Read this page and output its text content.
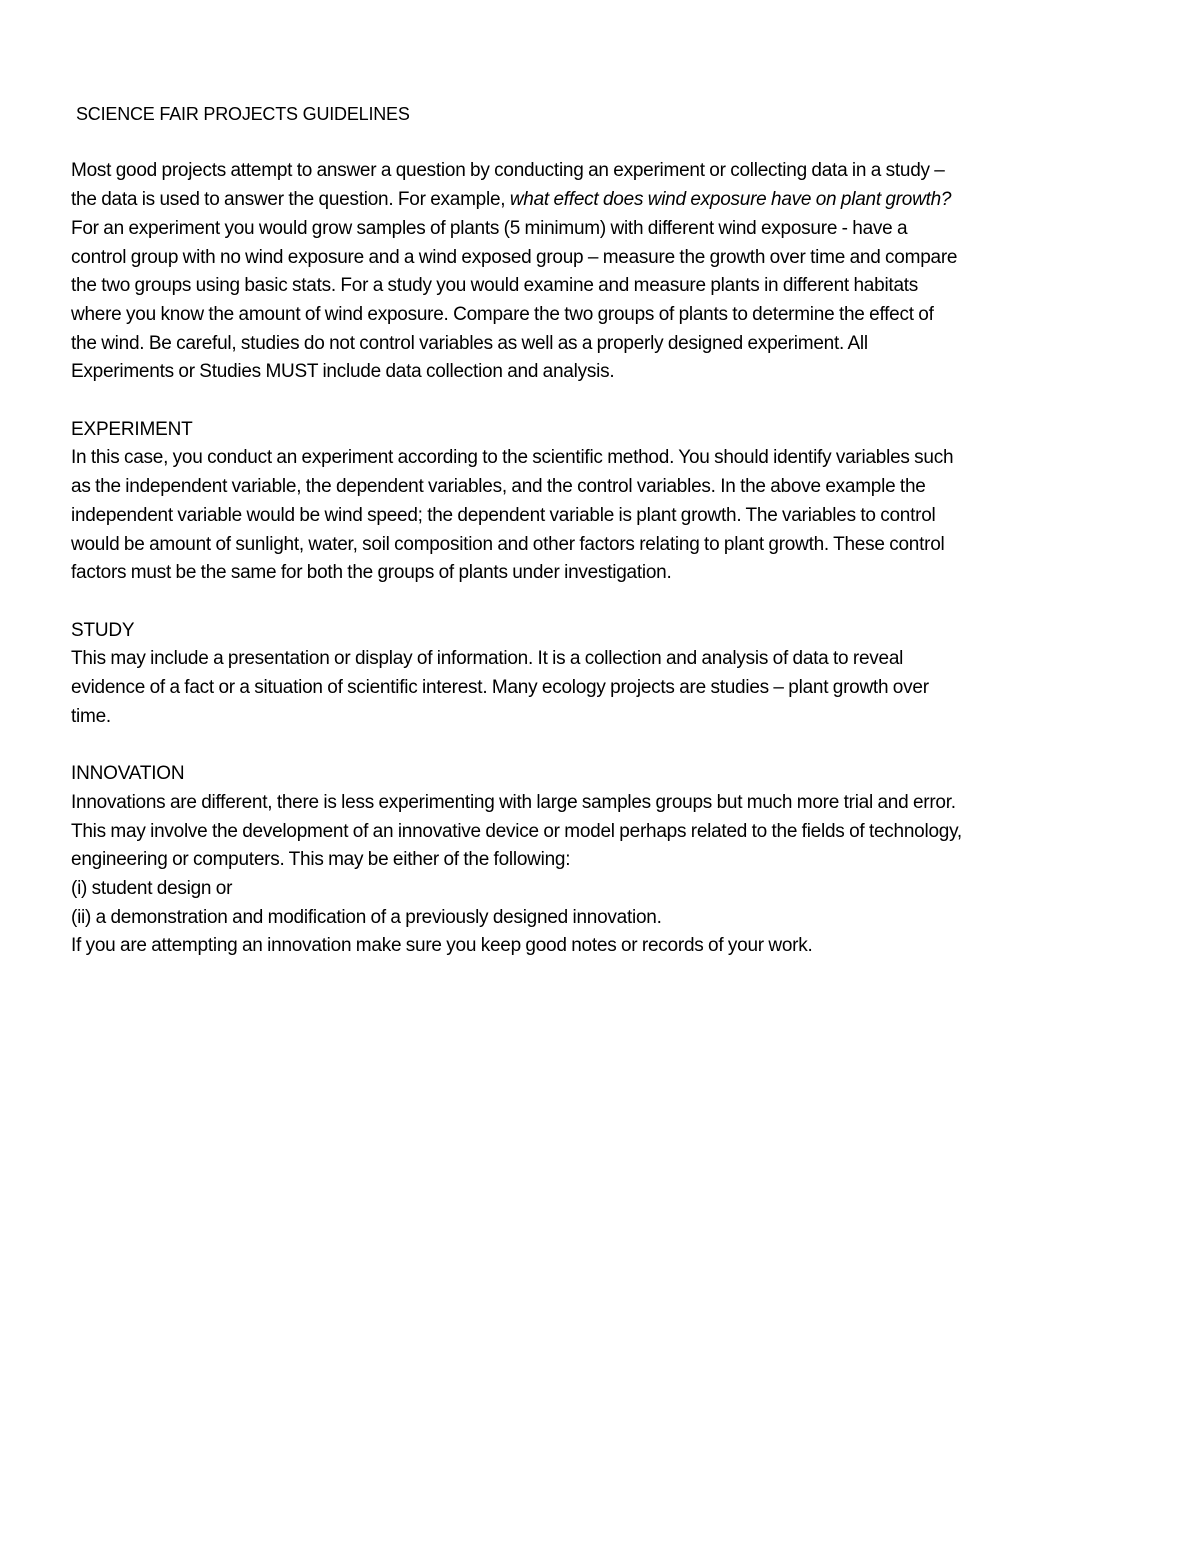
SCIENCE FAIR PROJECTS GUIDELINES

Most good projects attempt to answer a question by conducting an experiment or collecting data in a study –
the data is used to answer the question. For example, what effect does wind exposure have on plant growth?
For an experiment you would grow samples of plants (5 minimum) with different wind exposure - have a
control group with no wind exposure and a wind exposed group – measure the growth over time and compare
the two groups using basic stats. For a study you would examine and measure plants in different habitats
where you know the amount of wind exposure. Compare the two groups of plants to determine the effect of
the wind. Be careful, studies do not control variables as well as a properly designed experiment. All
Experiments or Studies MUST include data collection and analysis.

EXPERIMENT

In this case, you conduct an experiment according to the scientific method. You should identify variables such
as the independent variable, the dependent variables, and the control variables. In the above example the
independent variable would be wind speed; the dependent variable is plant growth. The variables to control
would be amount of sunlight, water, soil composition and other factors relating to plant growth. These control
factors must be the same for both the groups of plants under investigation.

STUDY

This may include a presentation or display of information. It is a collection and analysis of data to reveal
evidence of a fact or a situation of scientific interest. Many ecology projects are studies – plant growth over
time.

INNOVATION

Innovations are different, there is less experimenting with large samples groups but much more trial and error.
This may involve the development of an innovative device or model perhaps related to the fields of technology,
engineering or computers. This may be either of the following:
(i) student design or
(ii) a demonstration and modification of a previously designed innovation.
If you are attempting an innovation make sure you keep good notes or records of your work.
